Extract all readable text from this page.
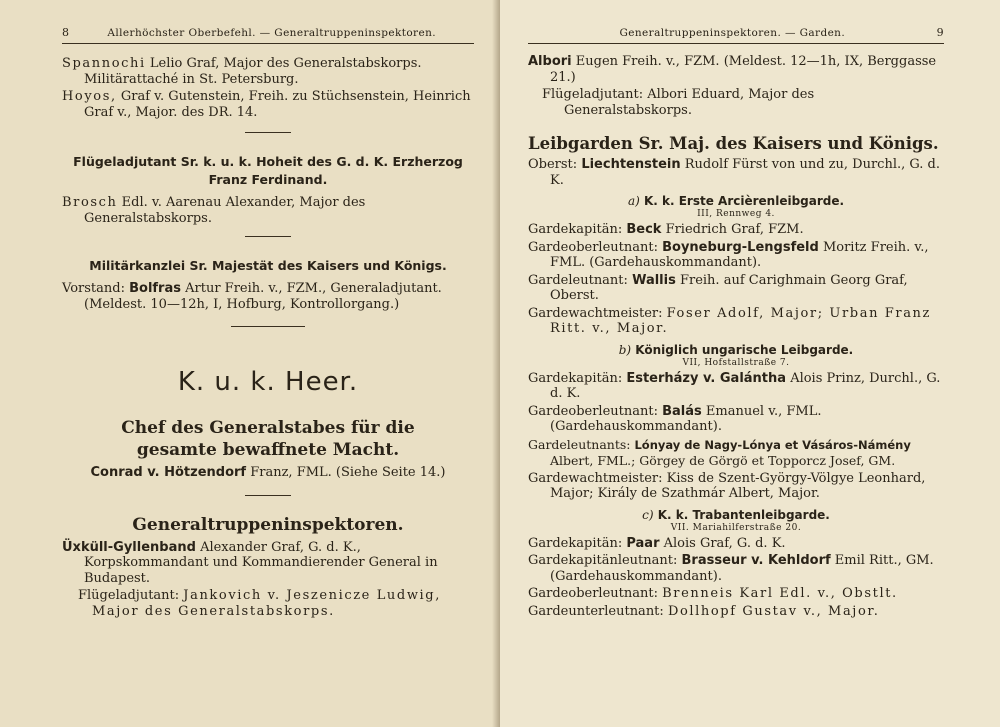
8	Allerhöchster Oberbefehl. — Generaltruppeninspektoren.

Spannochi Lelio Graf, Major des Generalstabskorps. Militärattaché in St. Petersburg.

Hoyos, Graf v. Gutenstein, Freih. zu Stüchsenstein, Heinrich Graf v., Major. des DR. 14.

Flügeladjutant Sr. k. u. k. Hoheit des G. d. K. Erzherzog
Franz Ferdinand.

Brosch Edl. v. Aarenau Alexander, Major des Generalstabskorps.

Militärkanzlei Sr. Majestät des Kaisers und Königs.

Vorstand: Bolfras Artur Freih. v., FZM., Generaladjutant. (Meldest. 10—12h, I, Hofburg, Kontrollorgang.)

K. u. k. Heer.

Chef des Generalstabes für die gesamte bewaffnete Macht.

Conrad v. Hötzendorf Franz, FML. (Siehe Seite 14.)

Generaltruppeninspektoren.

Üxküll-Gyllenband Alexander Graf, G. d. K., Korpskommandant und Kommandierender General in Budapest.

Flügeladjutant: Jankovich v. Jeszenicze Ludwig, Major des Generalstabskorps.

Generaltruppeninspektoren. — Garden.	9

Albori Eugen Freih. v., FZM. (Meldest. 12—1h, IX, Berggasse 21.)

Flügeladjutant: Albori Eduard, Major des Generalstabskorps.

Leibgarden Sr. Maj. des Kaisers und Königs.

Oberst: Liechtenstein Rudolf Fürst von und zu, Durchl., G. d. K.

a) K. k. Erste Arcièrenleibgarde.

III, Rennweg 4.

Gardekapitän: Beck Friedrich Graf, FZM.

Gardeoberleutnant: Boyneburg-Lengsfeld Moritz Freih. v., FML. (Gardehauskommandant).

Gardeleutnant: Wallis Freih. auf Carighmain Georg Graf, Oberst.

Gardewachtmeister: Foser Adolf, Major; Urban Franz Ritt. v., Major.

b) Königlich ungarische Leibgarde.

VII, Hofstallstraße 7.

Gardekapitän: Esterházy v. Galántha Alois Prinz, Durchl., G. d. K.

Gardeoberleutnant: Balás Emanuel v., FML. (Gardehauskommandant).

Gardeleutnants: Lónyay de Nagy-Lónya et Vásáros-Námény Albert, FML.; Görgey de Görgö et Topporcz Josef, GM.

Gardewachtmeister: Kiss de Szent-György-Völgye Leonhard, Major; Király de Szathmár Albert, Major.

c) K. k. Trabantenleibgarde.

VII. Mariahilferstraße 20.

Gardekapitän: Paar Alois Graf, G. d. K.

Gardekapitänleutnant: Brasseur v. Kehldorf Emil Ritt., GM. (Gardehauskommandant).

Gardeoberleutnant: Brenneis Karl Edl. v., Obstlt.

Gardeunterleutnant: Dollhopf Gustav v., Major.
